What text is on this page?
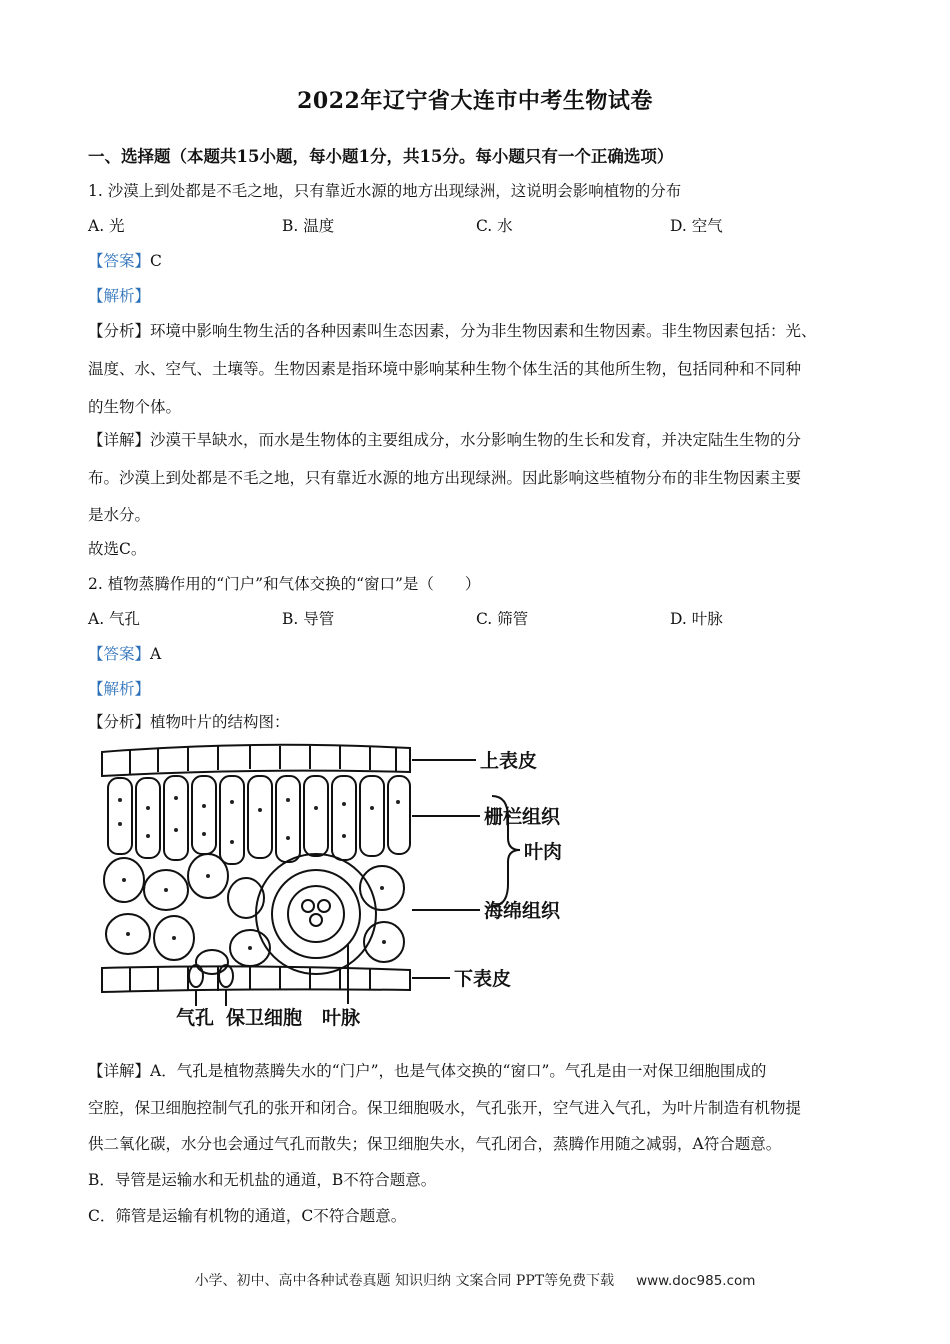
2022年辽宁省大连市中考生物试卷
一、选择题（本题共15小题，每小题1分，共15分。每小题只有一个正确选项）
1. 沙漠上到处都是不毛之地，只有靠近水源的地方出现绿洲，这说明会影响植物的分布
A. 光	B. 温度	C. 水	D. 空气
【答案】C
【解析】
【分析】环境中影响生物生活的各种因素叫生态因素，分为非生物因素和生物因素。非生物因素包括：光、
温度、水、空气、土壤等。生物因素是指环境中影响某种生物个体生活的其他所生物，包括同种和不同种
的生物个体。
【详解】沙漠干旱缺水，而水是生物体的主要组成分，水分影响生物的生长和发育，并决定陆生生物的分
布。沙漠上到处都是不毛之地，只有靠近水源的地方出现绿洲。因此影响这些植物分布的非生物因素主要
是水分。
故选C。
2. 植物蒸腾作用的“门户”和气体交换的“窗口”是（　　）
A. 气孔	B. 导管	C. 筛管	D. 叶脉
【答案】A
【解析】
【分析】植物叶片的结构图：
上表皮
栅栏组织
叶肉
海绵组织
下表皮
气孔 保卫细胞 叶脉
【详解】A．气孔是植物蒸腾失水的“门户”，也是气体交换的“窗口”。气孔是由一对保卫细胞围成的
空腔，保卫细胞控制气孔的张开和闭合。保卫细胞吸水，气孔张开，空气进入气孔，为叶片制造有机物提
供二氧化碳，水分也会通过气孔而散失；保卫细胞失水，气孔闭合，蒸腾作用随之减弱，A符合题意。
B．导管是运输水和无机盐的通道，B不符合题意。
C．筛管是运输有机物的通道，C不符合题意。
小学、初中、高中各种试卷真题 知识归纳 文案合同 PPT等免费下载 www.doc985.com
